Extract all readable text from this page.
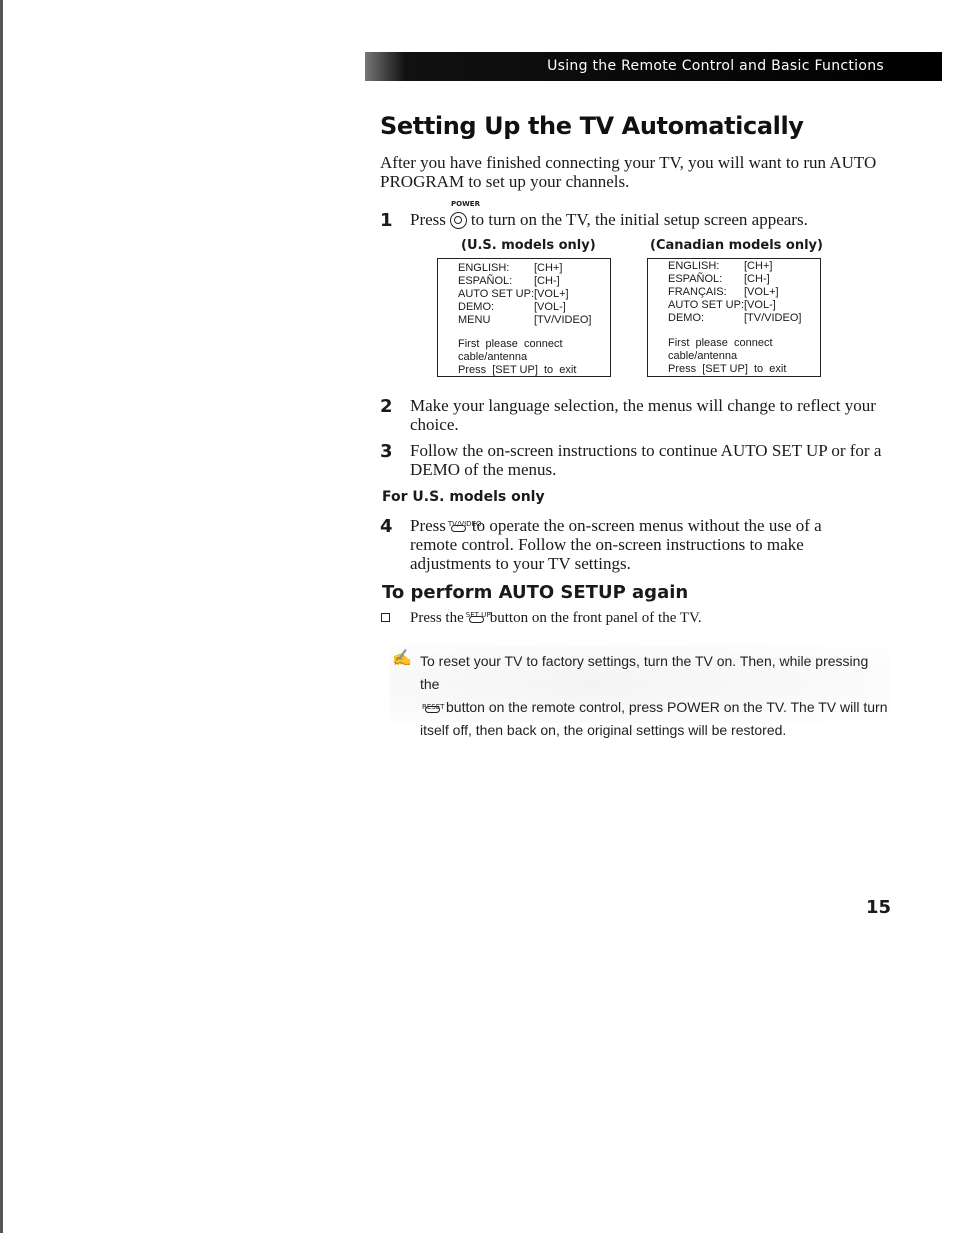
Using the Remote Control and Basic Functions
Setting Up the TV Automatically
After you have finished connecting your TV, you will want to run AUTO PROGRAM to set up your channels.
1
POWER
Press to turn on the TV, the initial setup screen appears.
(U.S. models only)	(Canadian models only)
ENGLISH: [CH+]
ESPAÑOL: [CH-]
AUTO SET UP:[VOL+]
DEMO:	[VOL-]
MENU	[TV/VIDEO]
First  please  connect
cable/antenna
Press  [SET UP]  to  exit
ENGLISH: [CH+]
ESPAÑOL: [CH-]
FRANÇAIS: [VOL+]
AUTO SET UP:[VOL-]
DEMO:	[TV/VIDEO]
First  please  connect
cable/antenna
Press  [SET UP]  to  exit
2 Make your language selection, the menus will change to reflect your choice.
3 Follow the on-screen instructions to continue AUTO SET UP or for a DEMO of the menus.
For U.S. models only
4 Press TV/VIDEO
to operate the on-screen menus without the use of a remote control. Follow the on-screen instructions to make adjustments to your TV settings.
To perform AUTO SETUP again
Press the SET UP button on the front panel of the TV.
✍ To reset your TV to factory settings, turn the TV on. Then, while pressing the
RESET button on the remote control, press POWER on the TV. The TV will turn
itself off, then back on, the original settings will be restored.
15
